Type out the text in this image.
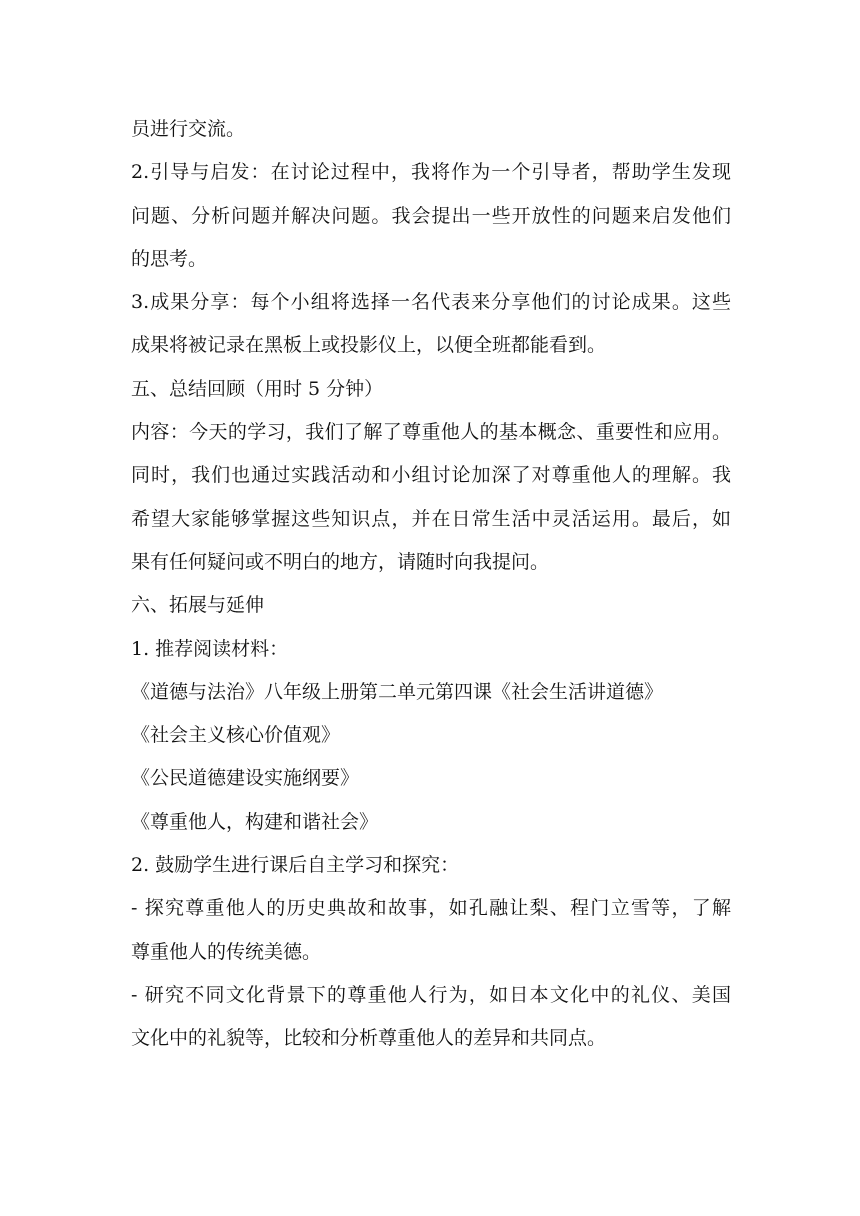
员进行交流。
2.引导与启发：在讨论过程中，我将作为一个引导者，帮助学生发现
问题、分析问题并解决问题。我会提出一些开放性的问题来启发他们
的思考。
3.成果分享：每个小组将选择一名代表来分享他们的讨论成果。这些
成果将被记录在黑板上或投影仪上，以便全班都能看到。
五、总结回顾（用时 5 分钟）
内容：今天的学习，我们了解了尊重他人的基本概念、重要性和应用。
同时，我们也通过实践活动和小组讨论加深了对尊重他人的理解。我
希望大家能够掌握这些知识点，并在日常生活中灵活运用。最后，如
果有任何疑问或不明白的地方，请随时向我提问。
六、拓展与延伸
1. 推荐阅读材料：
《道德与法治》八年级上册第二单元第四课《社会生活讲道德》
《社会主义核心价值观》
《公民道德建设实施纲要》
《尊重他人，构建和谐社会》
2. 鼓励学生进行课后自主学习和探究：
- 探究尊重他人的历史典故和故事，如孔融让梨、程门立雪等，了解
尊重他人的传统美德。
- 研究不同文化背景下的尊重他人行为，如日本文化中的礼仪、美国
文化中的礼貌等，比较和分析尊重他人的差异和共同点。
